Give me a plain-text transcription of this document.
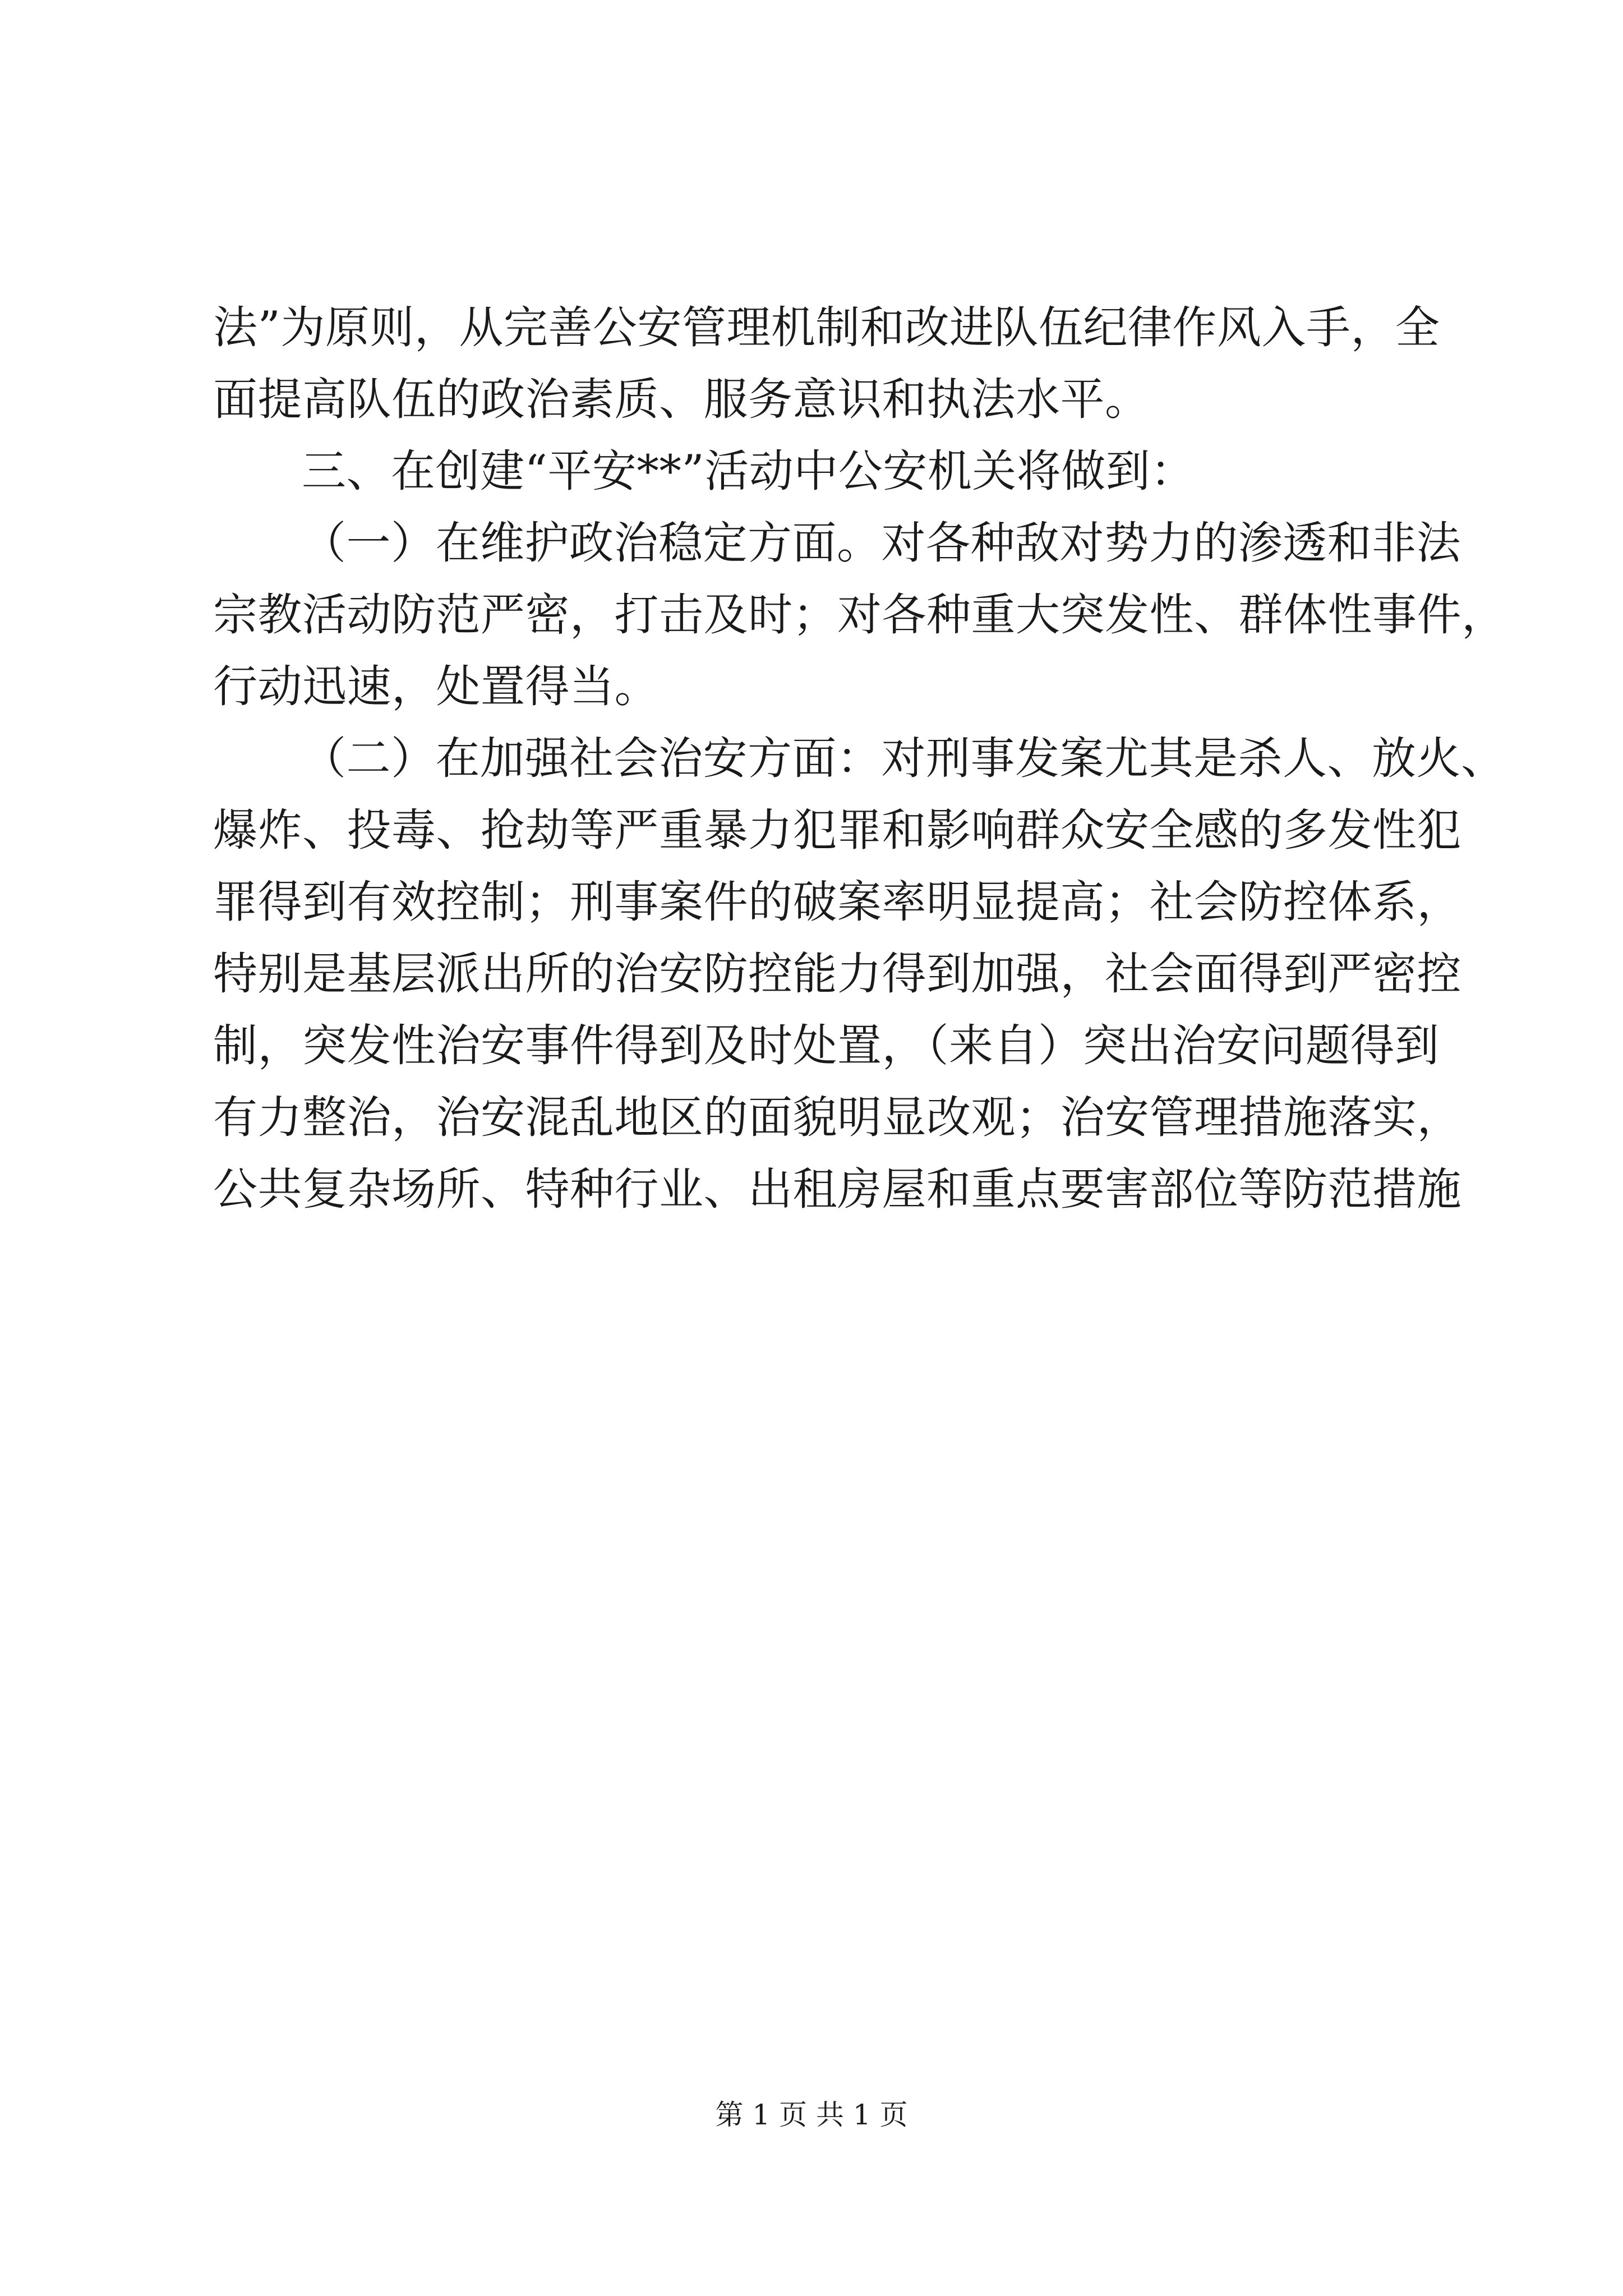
法”为原则，从完善公安管理机制和改进队伍纪律作风入手，全
面提高队伍的政治素质、服务意识和执法水平。
三、在创建“平安**”活动中公安机关将做到：
（一）在维护政治稳定方面。对各种敌对势力的渗透和非法
宗教活动防范严密，打击及时；对各种重大突发性、群体性事件，
行动迅速，处置得当。
（二）在加强社会治安方面：对刑事发案尤其是杀人、放火、
爆炸、投毒、抢劫等严重暴力犯罪和影响群众安全感的多发性犯
罪得到有效控制；刑事案件的破案率明显提高；社会防控体系，
特别是基层派出所的治安防控能力得到加强，社会面得到严密控
制，突发性治安事件得到及时处置，（来自）突出治安问题得到
有力整治，治安混乱地区的面貌明显改观；治安管理措施落实，
公共复杂场所、特种行业、出租房屋和重点要害部位等防范措施
第 1 页 共 1 页
